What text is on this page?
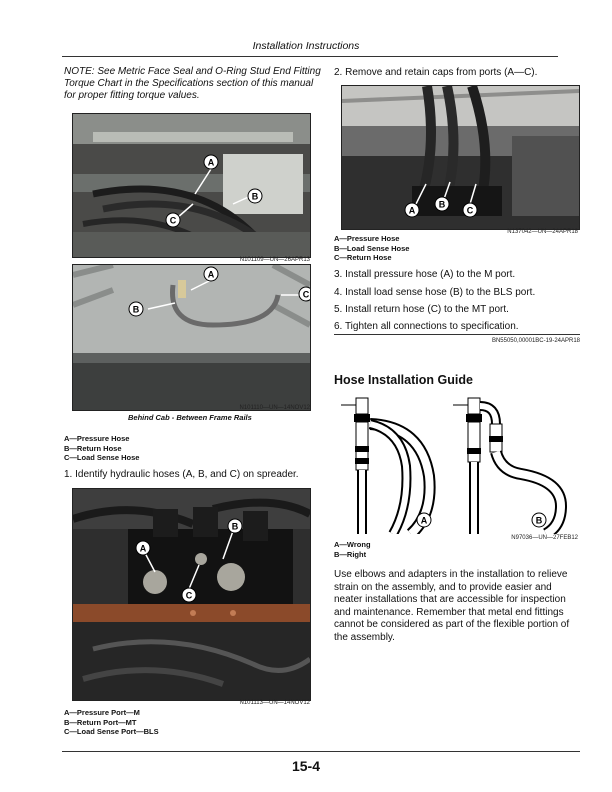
Installation Instructions
NOTE: See Metric Face Seal and O-Ring Stud End Fitting Torque Chart in the Specifications section of this manual for proper fitting torque values.
A
B
C
N101109—UN—26APR13
A
B
C
N101110—UN—14NOV12
Behind Cab - Between Frame Rails
A—Pressure Hose
B—Return Hose
C—Load Sense Hose
1. Identify hydraulic hoses (A, B, and C) on spreader.
A
B
C
N101113—UN—14NOV12
A—Pressure Port—M
B—Return Port—MT
C—Load Sense Port—BLS
2. Remove and retain caps from ports (A—C).
A
B
C
N137042—UN—24APR18
A—Pressure Hose
B—Load Sense Hose
C—Return Hose
3. Install pressure hose (A) to the M port.
4. Install load sense hose (B) to the BLS port.
5. Install return hose (C) to the MT port.
6. Tighten all connections to specification.
BN55050,00001BC-19-24APR18
Hose Installation Guide
A	B
N97036—UN—27FEB12
A—Wrong
B—Right
Use elbows and adapters in the installation to relieve strain on the assembly, and to provide easier and neater installations that are accessible for inspection and maintenance. Remember that metal end fittings cannot be considered as part of the flexible portion of the assembly.
15-4
